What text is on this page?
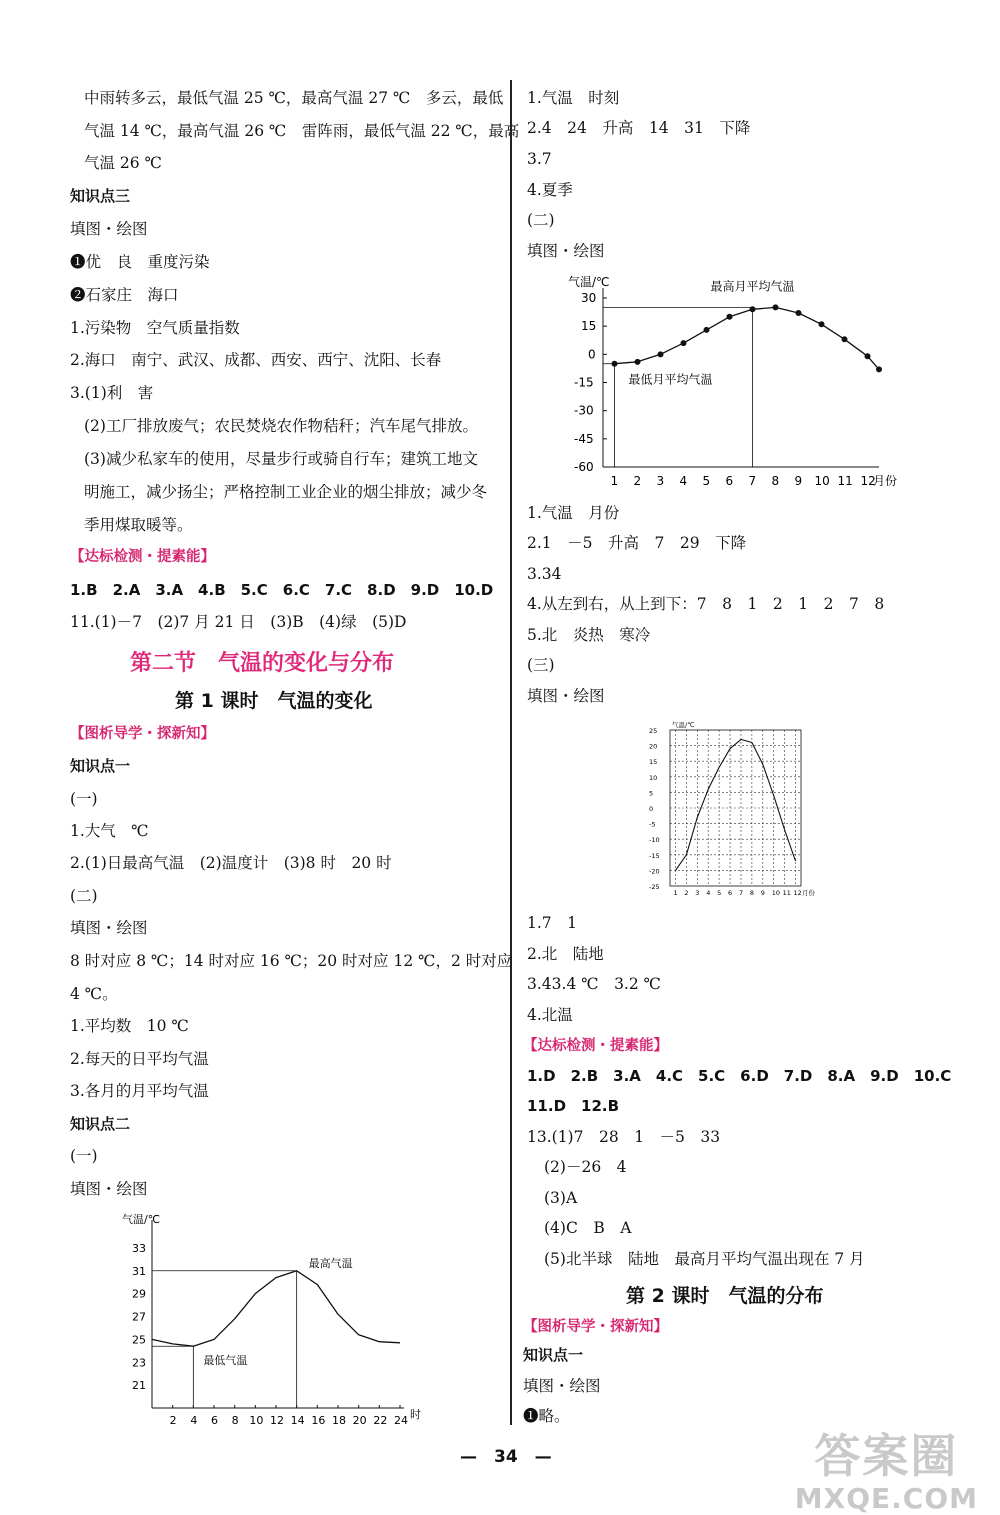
中雨转多云，最低气温 25 ℃，最高气温 27 ℃　多云，最低
气温 14 ℃，最高气温 26 ℃　雷阵雨，最低气温 22 ℃，最高
气温 26 ℃
知识点三
填图・绘图
❶优　良　重度污染
❷石家庄　海口
1.污染物　空气质量指数
2.海口　南宁、武汉、成都、西安、西宁、沈阳、长春
3.(1)利　害
(2)工厂排放废气；农民焚烧农作物秸秆；汽车尾气排放。
(3)减少私家车的使用，尽量步行或骑自行车；建筑工地文
明施工，减少扬尘；严格控制工业企业的烟尘排放；减少冬
季用煤取暖等。
【达标检测・提素能】
1.B　2.A　3.A　4.B　5.C　6.C　7.C　8.D　9.D　10.D
11.(1)－7　(2)7 月 21 日　(3)B　(4)绿　(5)D
第二节　气温的变化与分布
第 1 课时　气温的变化
【图析导学・探新知】
知识点一
(一)
1.大气　℃
2.(1)日最高气温　(2)温度计　(3)8 时　20 时
(二)
填图・绘图
8 时对应 8 ℃；14 时对应 16 ℃；20 时对应 12 ℃，2 时对应
4 ℃。
1.平均数　10 ℃
2.每天的日平均气温
3.各月的月平均气温
知识点二
(一)
填图・绘图
气温/℃
时
21
23
25
27
29
31
33
2 4 6 8 10 12 14 16 18 20 22 24
最高气温
最低气温
1.气温　时刻
2.4　24　升高　14　31　下降
3.7
4.夏季
(二)
填图・绘图
气温/℃
月份
30
15
0
-15
-30
-45
-60
1 2 3 4 5 6 7 8 9 10 11 12
最高月平均气温
最低月平均气温
1.气温　月份
2.1　－5　升高　7　29　下降
3.34
4.从左到右，从上到下：7　8　1　2　1　2　7　8
5.北　炎热　寒冷
(三)
填图・绘图
25
20
15
10
5
0
-5
-10
-15
-20
-25
1 2 3 4 5 6 7 8 9 10 11 12 月份
气温/℃
1.7　1
2.北　陆地
3.43.4 ℃　3.2 ℃
4.北温
【达标检测・提素能】
1.D　2.B　3.A　4.C　5.C　6.D　7.D　8.A　9.D　10.C
11.D　12.B
13.(1)7　28　1　－5　33
(2)－26　4
(3)A
(4)C　B　A
(5)北半球　陆地　最高月平均气温出现在 7 月
第 2 课时　气温的分布
【图析导学・探新知】
知识点一
填图・绘图
❶略。
—　34　—	答案圈
MXQE.COM
